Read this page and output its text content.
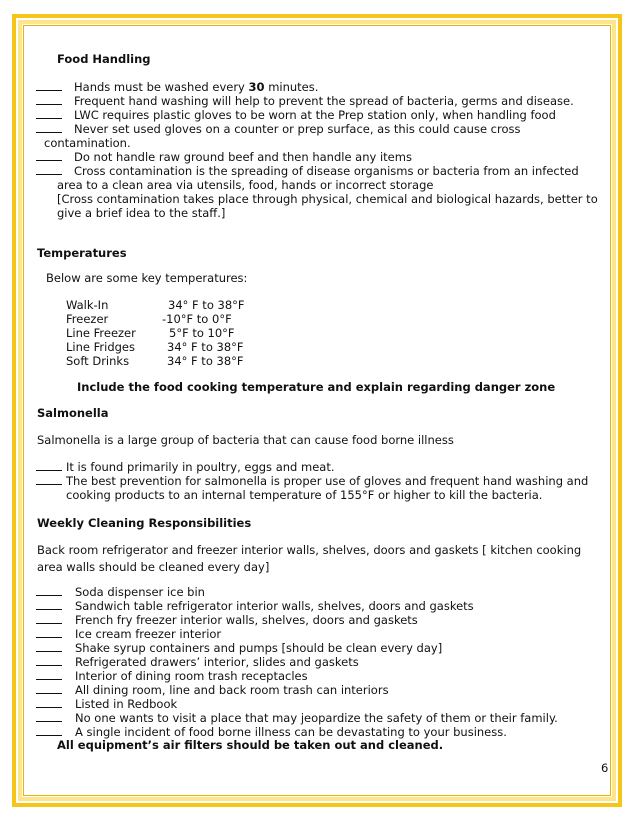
Food Handling
Hands must be washed every 30 minutes.
Frequent hand washing will help to prevent the spread of bacteria, germs and disease.
LWC requires plastic gloves to be worn at the Prep station only, when handling food
Never set used gloves on a counter or prep surface, as this could cause cross
contamination.
Do not handle raw ground beef and then handle any items
Cross contamination is the spreading of disease organisms or bacteria from an infected
area to a clean area via utensils, food, hands or incorrect storage
[Cross contamination takes place through physical, chemical and biological hazards, better to
give a brief idea to the staff.]
Temperatures
Below are some key temperatures:
Walk-In	34° F to 38°F
Freezer	-10°F to 0°F
Line Freezer	5°F to 10°F
Line Fridges	34° F to 38°F
Soft Drinks	34° F to 38°F
Include the food cooking temperature and explain regarding danger zone
Salmonella
Salmonella is a large group of bacteria that can cause food borne illness
It is found primarily in poultry, eggs and meat.
The best prevention for salmonella is proper use of gloves and frequent hand washing and
cooking products to an internal temperature of 155°F or higher to kill the bacteria.
Weekly Cleaning Responsibilities
Back room refrigerator and freezer interior walls, shelves, doors and gaskets [ kitchen cooking
area walls should be cleaned every day]
Soda dispenser ice bin
Sandwich table refrigerator interior walls, shelves, doors and gaskets
French fry freezer interior walls, shelves, doors and gaskets
Ice cream freezer interior
Shake syrup containers and pumps [should be clean every day]
Refrigerated drawers’ interior, slides and gaskets
Interior of dining room trash receptacles
All dining room, line and back room trash can interiors
Listed in Redbook
No one wants to visit a place that may jeopardize the safety of them or their family.
A single incident of food borne illness can be devastating to your business.
All equipment’s air filters should be taken out and cleaned.
6
